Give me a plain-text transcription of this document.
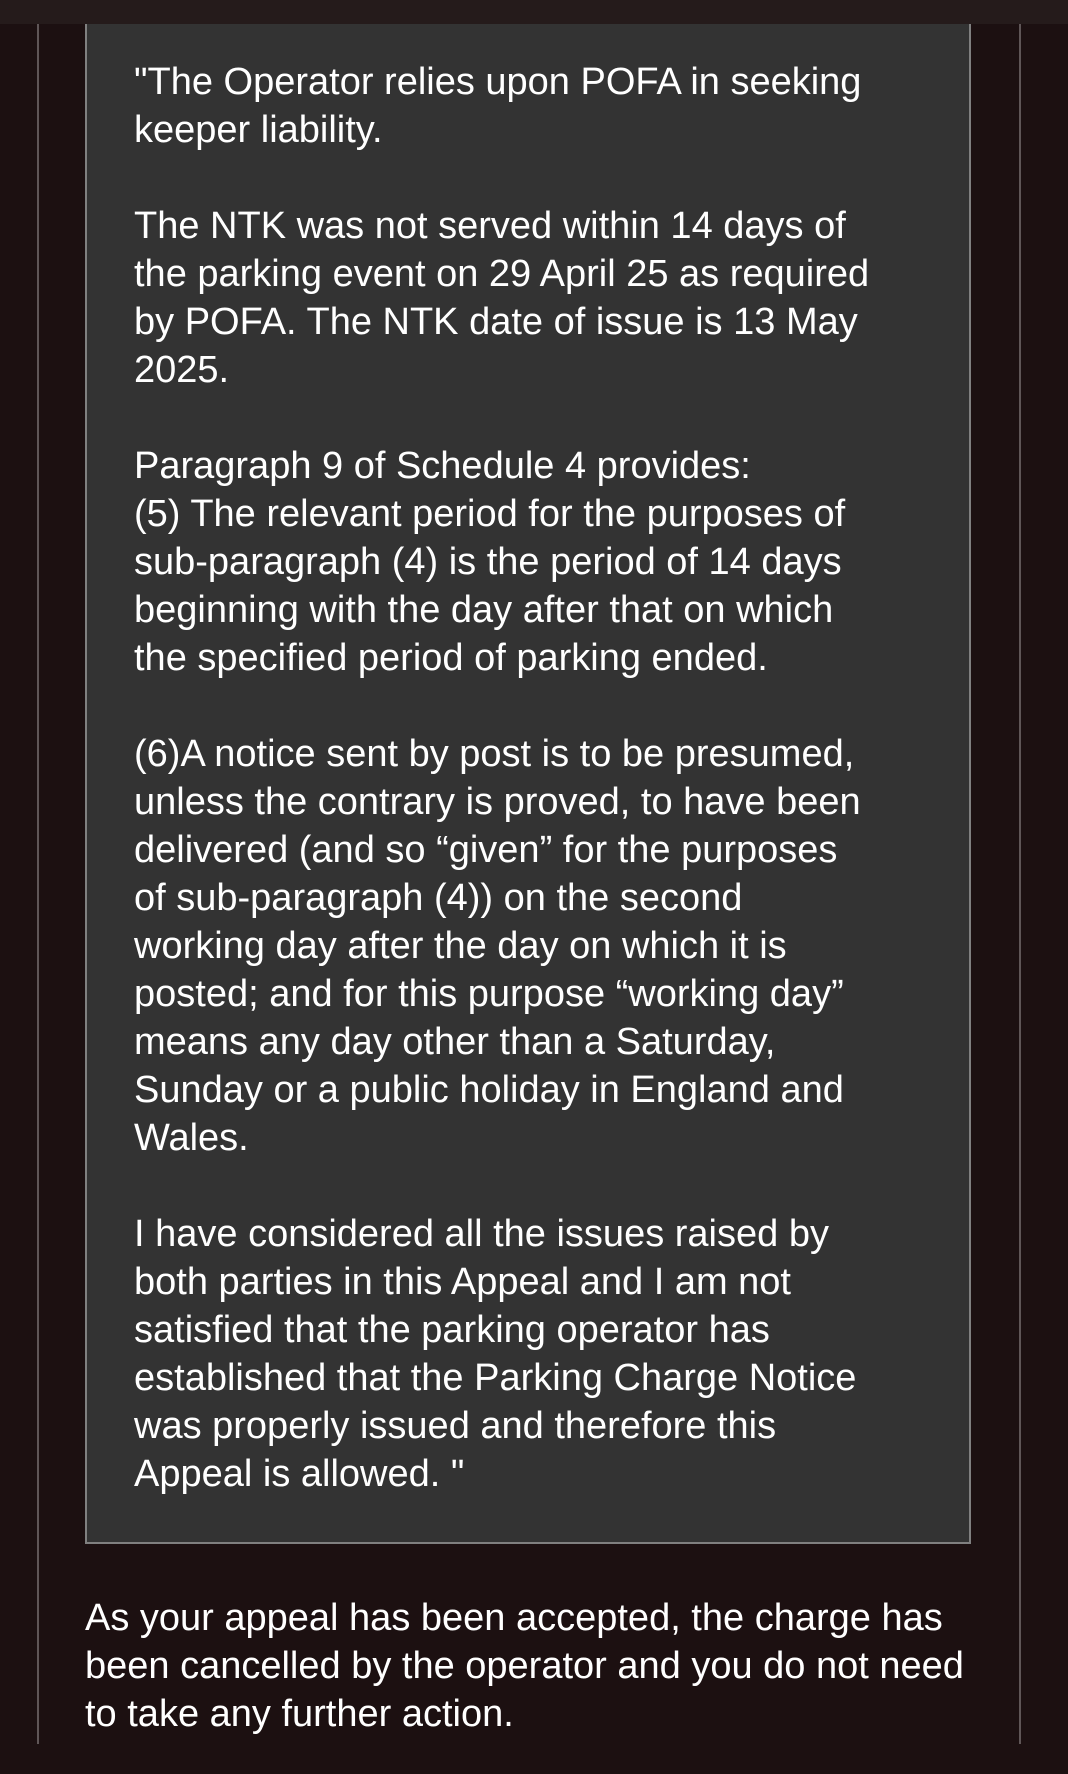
"The Operator relies upon POFA in seeking
keeper liability.

The NTK was not served within 14 days of
the parking event on 29 April 25 as required
by POFA. The NTK date of issue is 13 May
2025.

Paragraph 9 of Schedule 4 provides:
(5) The relevant period for the purposes of
sub-paragraph (4) is the period of 14 days
beginning with the day after that on which
the specified period of parking ended.

(6)A notice sent by post is to be presumed,
unless the contrary is proved, to have been
delivered (and so “given” for the purposes
of sub-paragraph (4)) on the second
working day after the day on which it is
posted; and for this purpose “working day”
means any day other than a Saturday,
Sunday or a public holiday in England and
Wales.

I have considered all the issues raised by
both parties in this Appeal and I am not
satisfied that the parking operator has
established that the Parking Charge Notice
was properly issued and therefore this
Appeal is allowed. "

As your appeal has been accepted, the charge has been cancelled by the operator and you do not need to take any further action.
